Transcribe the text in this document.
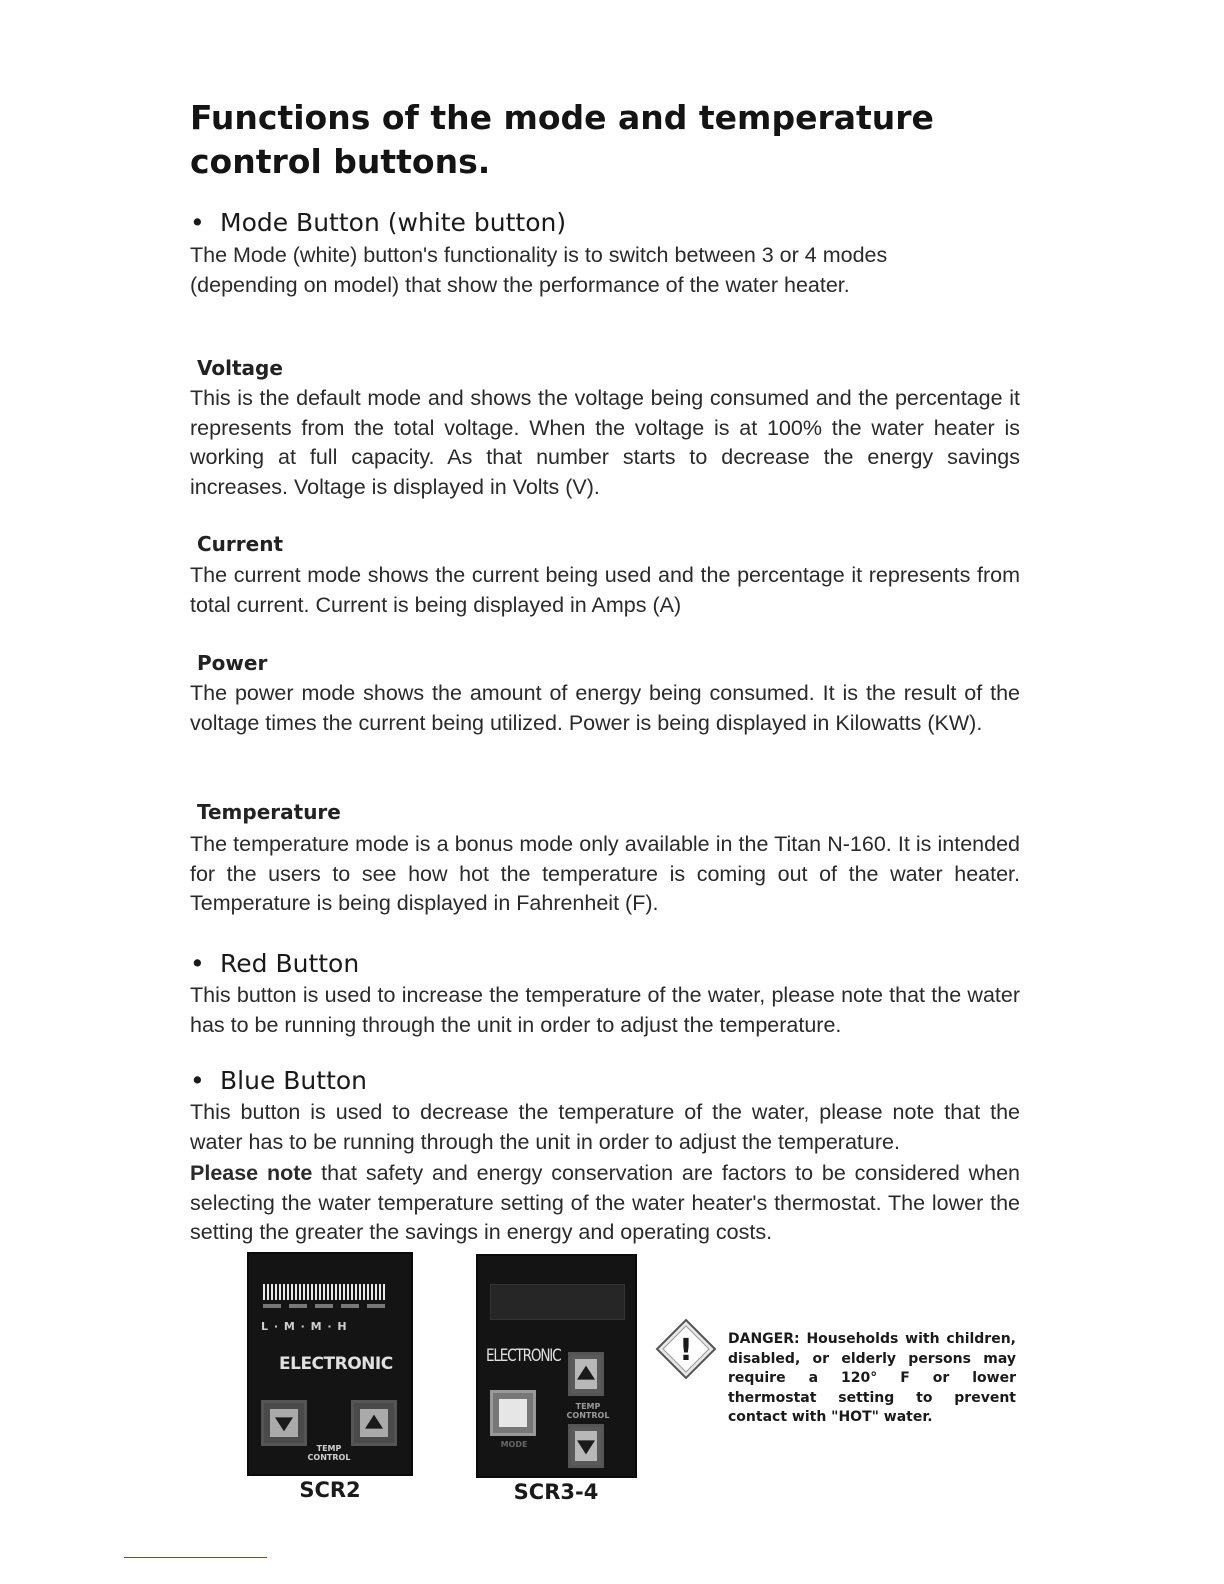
Functions of the mode and temperature control buttons.
• Mode Button (white button)
The Mode (white) button's functionality is to switch between 3 or 4 modes (depending on model) that show the performance of the water heater.
Voltage
This is the default mode and shows the voltage being consumed and the percentage it represents from the total voltage. When the voltage is at 100% the water heater is working at full capacity. As that number starts to decrease the energy savings increases. Voltage is displayed in Volts (V).
Current
The current mode shows the current being used and the percentage it represents from total current. Current is being displayed in Amps (A)
Power
The power mode shows the amount of energy being consumed. It is the result of the voltage times the current being utilized. Power is being displayed in Kilowatts (KW).
Temperature
The temperature mode is a bonus mode only available in the Titan N-160. It is intended for the users to see how hot the temperature is coming out of the water heater. Temperature is being displayed in Fahrenheit (F).
• Red Button
This button is used to increase the temperature of the water, please note that the water has to be running through the unit in order to adjust the temperature.
• Blue Button
This button is used to decrease the temperature of the water, please note that the water has to be running through the unit in order to adjust the temperature.
Please note that safety and energy conservation are factors to be considered when selecting the water temperature setting of the water heater's thermostat. The lower the setting the greater the savings in energy and operating costs.
L · M · M · H
ELECTRONIC
TEMP
CONTROL
SCR2
ELECTRONIC
TEMP
CONTROL
MODE
SCR3-4
!	DANGER: Households with children, disabled, or elderly persons may require a 120° F or lower thermostat setting to prevent contact with "HOT" water.
